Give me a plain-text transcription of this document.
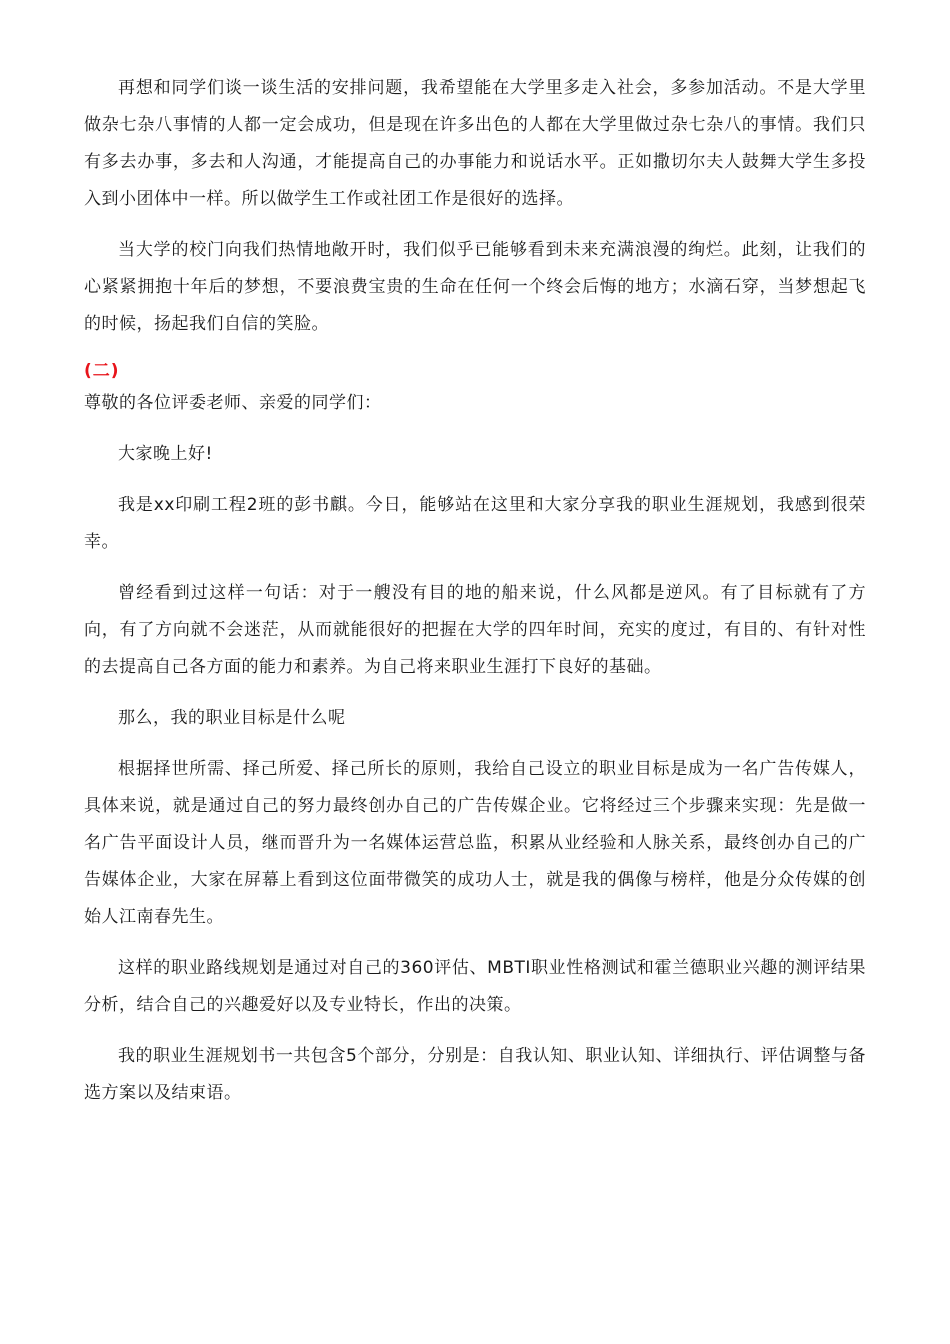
再想和同学们谈一谈生活的安排问题，我希望能在大学里多走入社会，多参加活动。不是大学里做杂七杂八事情的人都一定会成功，但是现在许多出色的人都在大学里做过杂七杂八的事情。我们只有多去办事，多去和人沟通，才能提高自己的办事能力和说话水平。正如撒切尔夫人鼓舞大学生多投入到小团体中一样。所以做学生工作或社团工作是很好的选择。

当大学的校门向我们热情地敞开时，我们似乎已能够看到未来充满浪漫的绚烂。此刻，让我们的心紧紧拥抱十年后的梦想，不要浪费宝贵的生命在任何一个终会后悔的地方；水滴石穿，当梦想起飞的时候，扬起我们自信的笑脸。

(二)

尊敬的各位评委老师、亲爱的同学们：

大家晚上好!

我是xx印刷工程2班的彭书麒。今日，能够站在这里和大家分享我的职业生涯规划，我感到很荣幸。

曾经看到过这样一句话：对于一艘没有目的地的船来说，什么风都是逆风。有了目标就有了方向，有了方向就不会迷茫，从而就能很好的把握在大学的四年时间，充实的度过，有目的、有针对性的去提高自己各方面的能力和素养。为自己将来职业生涯打下良好的基础。

那么，我的职业目标是什么呢

根据择世所需、择己所爱、择己所长的原则，我给自己设立的职业目标是成为一名广告传媒人，具体来说，就是通过自己的努力最终创办自己的广告传媒企业。它将经过三个步骤来实现：先是做一名广告平面设计人员，继而晋升为一名媒体运营总监，积累从业经验和人脉关系，最终创办自己的广告媒体企业，大家在屏幕上看到这位面带微笑的成功人士，就是我的偶像与榜样，他是分众传媒的创始人江南春先生。

这样的职业路线规划是通过对自己的360评估、MBTI职业性格测试和霍兰德职业兴趣的测评结果分析，结合自己的兴趣爱好以及专业特长，作出的决策。

我的职业生涯规划书一共包含5个部分，分别是：自我认知、职业认知、详细执行、评估调整与备选方案以及结束语。
